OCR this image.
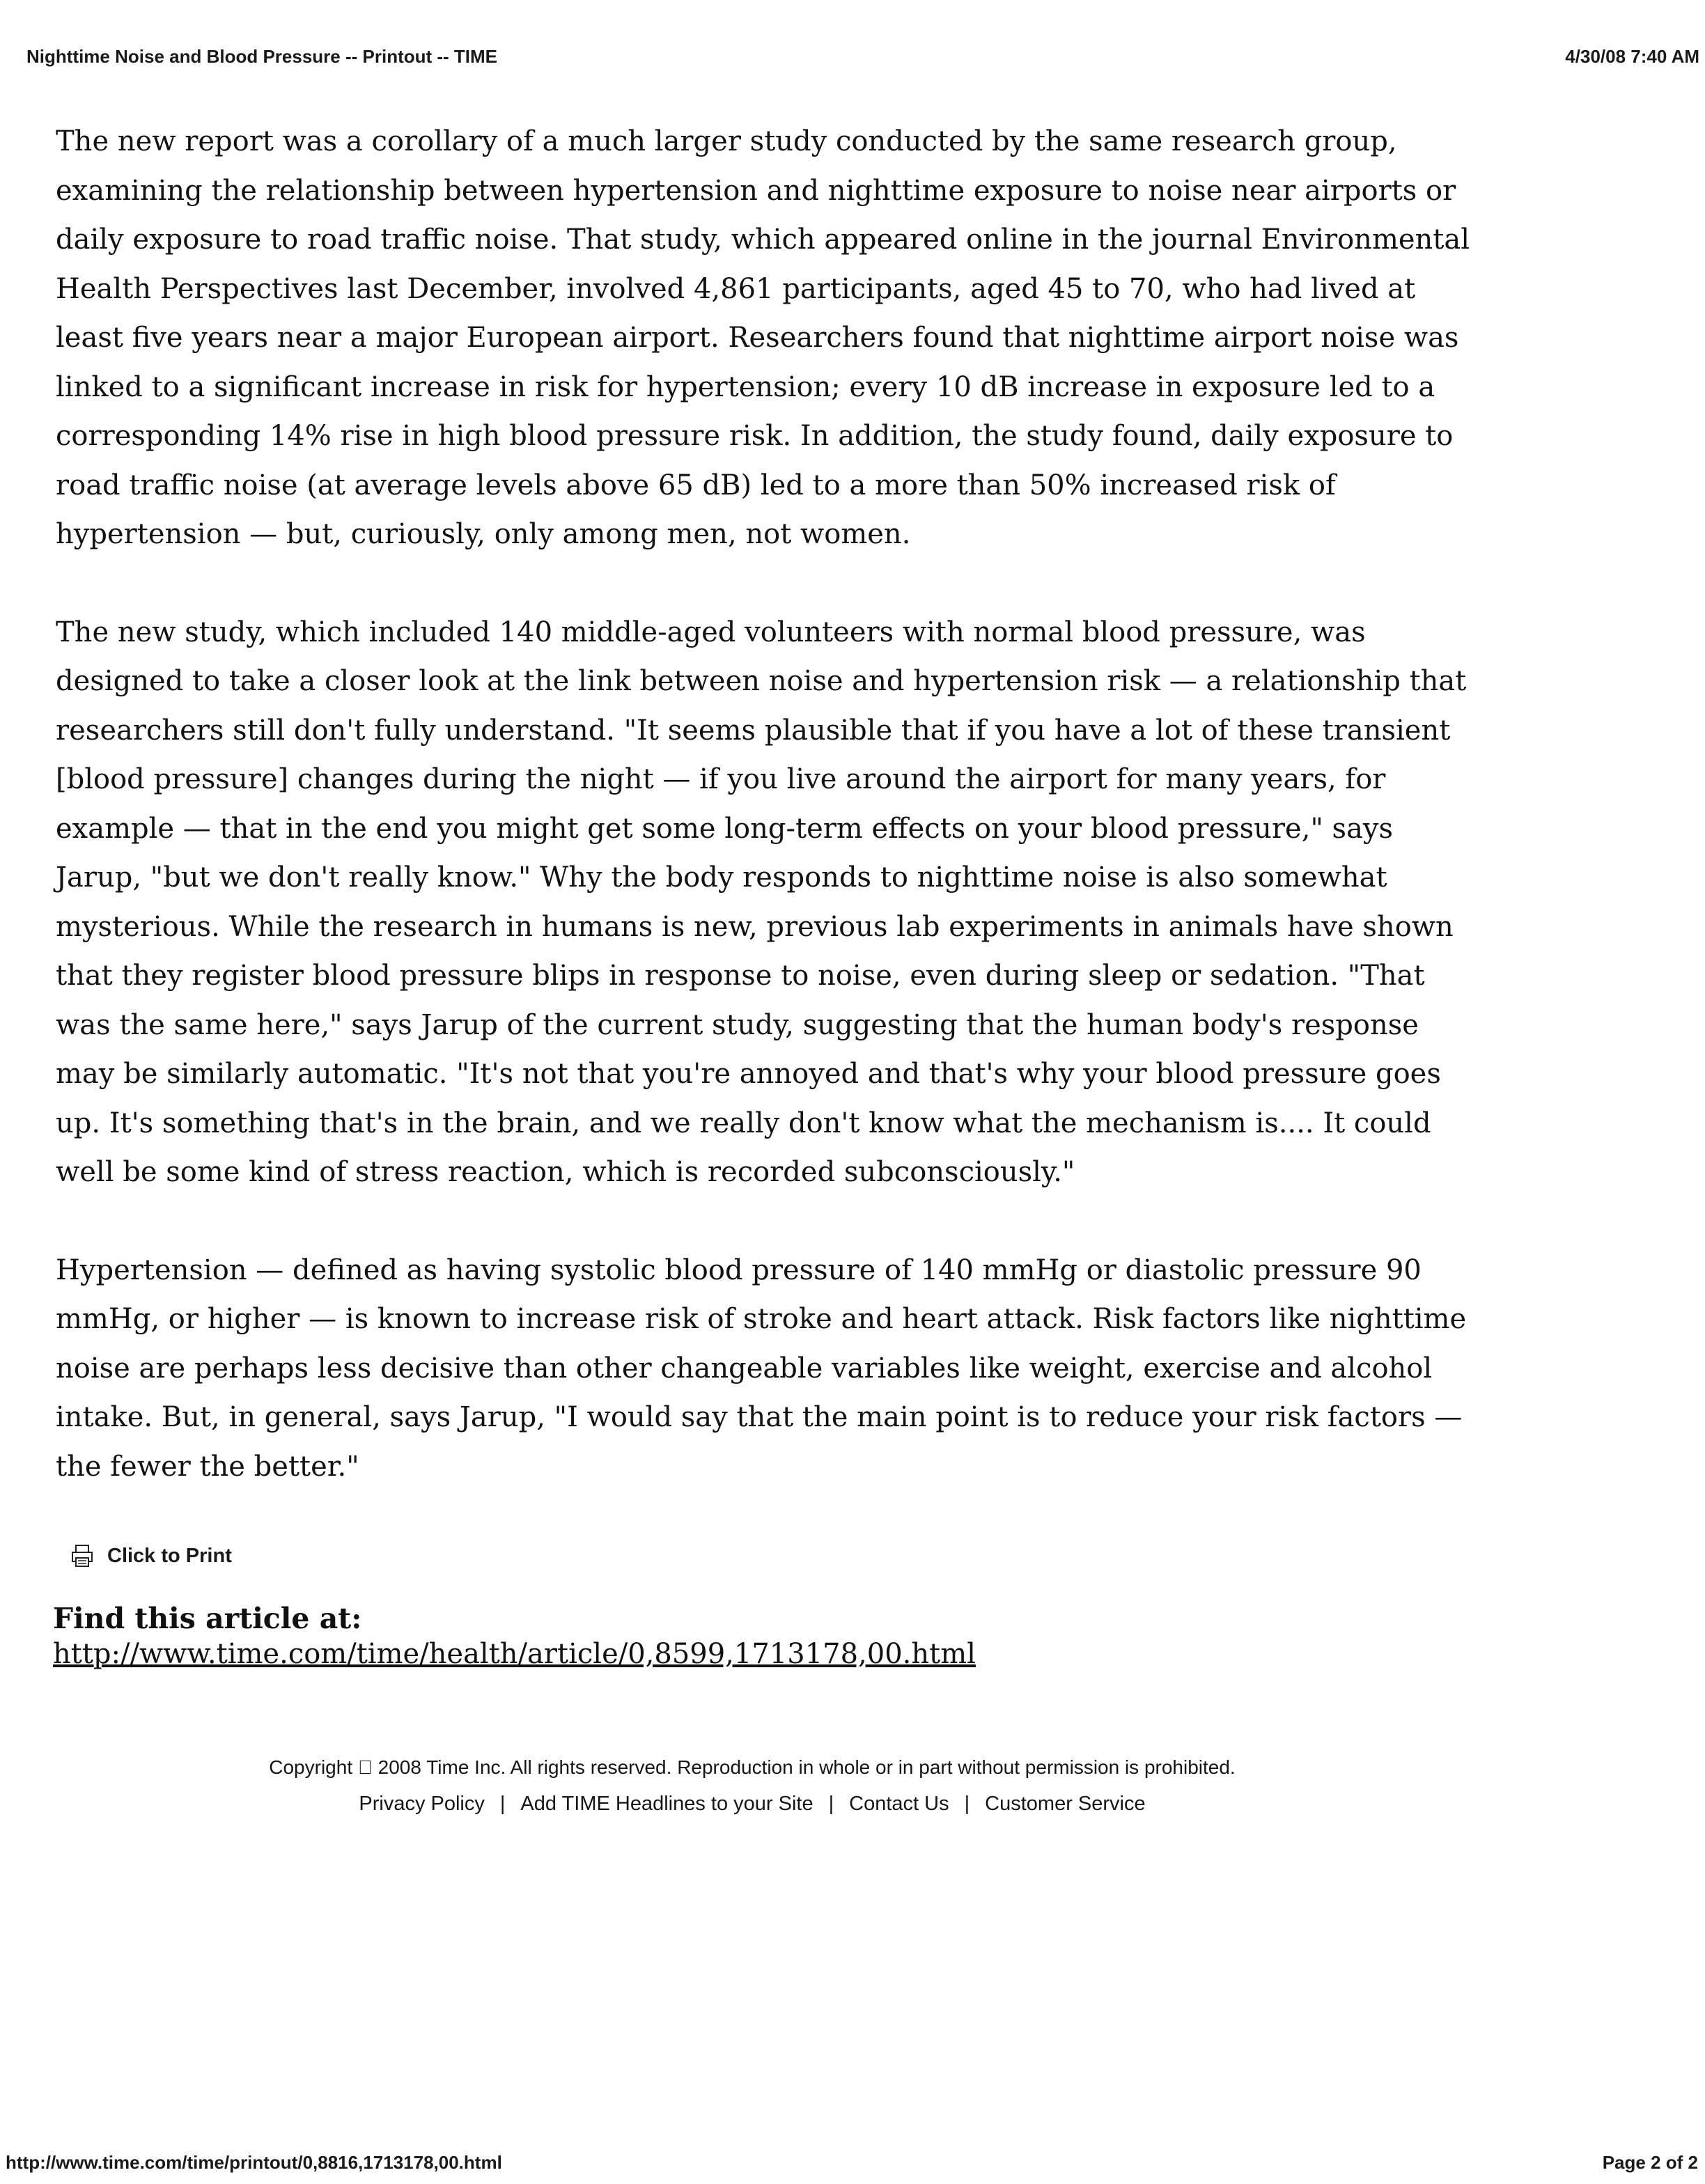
Nighttime Noise and Blood Pressure -- Printout -- TIME	4/30/08 7:40 AM

The new report was a corollary of a much larger study conducted by the same research group, examining the relationship between hypertension and nighttime exposure to noise near airports or daily exposure to road traffic noise. That study, which appeared online in the journal Environmental Health Perspectives last December, involved 4,861 participants, aged 45 to 70, who had lived at least five years near a major European airport. Researchers found that nighttime airport noise was linked to a significant increase in risk for hypertension; every 10 dB increase in exposure led to a corresponding 14% rise in high blood pressure risk. In addition, the study found, daily exposure to road traffic noise (at average levels above 65 dB) led to a more than 50% increased risk of hypertension — but, curiously, only among men, not women.

The new study, which included 140 middle-aged volunteers with normal blood pressure, was designed to take a closer look at the link between noise and hypertension risk — a relationship that researchers still don't fully understand. "It seems plausible that if you have a lot of these transient [blood pressure] changes during the night — if you live around the airport for many years, for example — that in the end you might get some long-term effects on your blood pressure," says Jarup, "but we don't really know." Why the body responds to nighttime noise is also somewhat mysterious. While the research in humans is new, previous lab experiments in animals have shown that they register blood pressure blips in response to noise, even during sleep or sedation. "That was the same here," says Jarup of the current study, suggesting that the human body's response may be similarly automatic. "It's not that you're annoyed and that's why your blood pressure goes up. It's something that's in the brain, and we really don't know what the mechanism is.... It could well be some kind of stress reaction, which is recorded subconsciously."

Hypertension — defined as having systolic blood pressure of 140 mmHg or diastolic pressure 90 mmHg, or higher — is known to increase risk of stroke and heart attack. Risk factors like nighttime noise are perhaps less decisive than other changeable variables like weight, exercise and alcohol intake. But, in general, says Jarup, "I would say that the main point is to reduce your risk factors — the fewer the better."

Click to Print
Find this article at:
http://www.time.com/time/health/article/0,8599,1713178,00.html
Copyright   2008 Time Inc. All rights reserved. Reproduction in whole or in part without permission is prohibited.
Privacy Policy | Add TIME Headlines to your Site | Contact Us | Customer Service
http://www.time.com/time/printout/0,8816,1713178,00.html	Page 2 of 2
